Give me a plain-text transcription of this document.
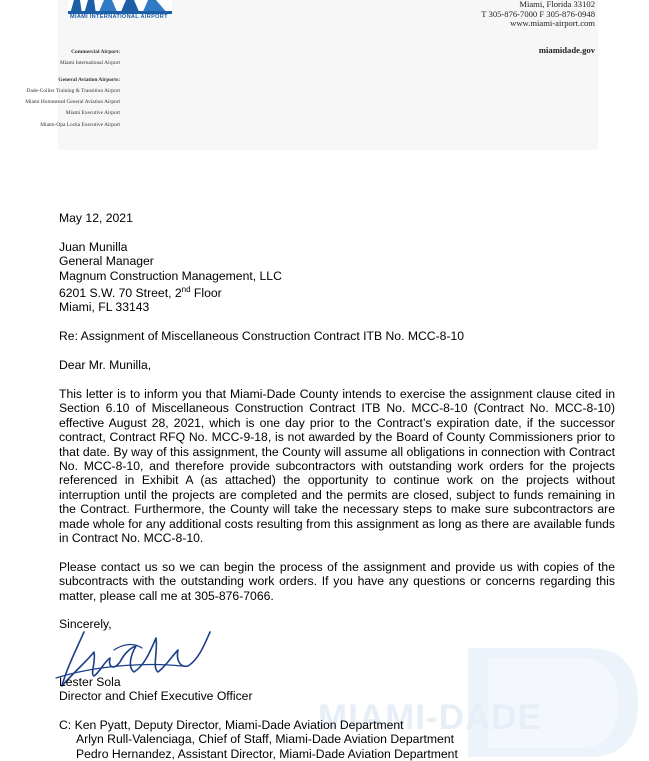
Commercial Airport:
Miami International Airport
General Aviation Airports:
Dade-Collier Training & Transition Airport
Miami Homestead General Aviation Airport
Miami Executive Airport
Miami-Opa Locka Executive Airport
MIAMI INTERNATIONAL AIRPORT
Miami, Florida 33102
T 305-876-7000 F 305-876-0948
www.miami-airport.com
miamidade.gov
MIAMI-DADE

May 12, 2021

Juan Munilla

General Manager

Magnum Construction Management, LLC

6201 S.W. 70 Street, 2nd Floor

Miami, FL 33143

Re: Assignment of Miscellaneous Construction Contract ITB No. MCC-8-10

Dear Mr. Munilla,

This letter is to inform you that Miami-Dade County intends to exercise the assignment clause cited in Section 6.10 of Miscellaneous Construction Contract ITB No. MCC-8-10 (Contract No. MCC-8-10) effective August 28, 2021, which is one day prior to the Contract’s expiration date, if the successor contract, Contract RFQ No. MCC-9-18, is not awarded by the Board of County Commissioners prior to that date. By way of this assignment, the County will assume all obligations in connection with Contract No. MCC-8-10, and therefore provide subcontractors with outstanding work orders for the projects referenced in Exhibit A (as attached) the opportunity to continue work on the projects without interruption until the projects are completed and the permits are closed, subject to funds remaining in the Contract. Furthermore, the County will take the necessary steps to make sure subcontractors are made whole for any additional costs resulting from this assignment as long as there are available funds in Contract No. MCC-8-10.

Please contact us so we can begin the process of the assignment and provide us with copies of the subcontracts with the outstanding work orders. If you have any questions or concerns regarding this matter, please call me at 305-876-7066.

Sincerely,

Lester Sola

Director and Chief Executive Officer

C: Ken Pyatt, Deputy Director, Miami-Dade Aviation Department

Arlyn Rull-Valenciaga, Chief of Staff, Miami-Dade Aviation Department

Pedro Hernandez, Assistant Director, Miami-Dade Aviation Department
